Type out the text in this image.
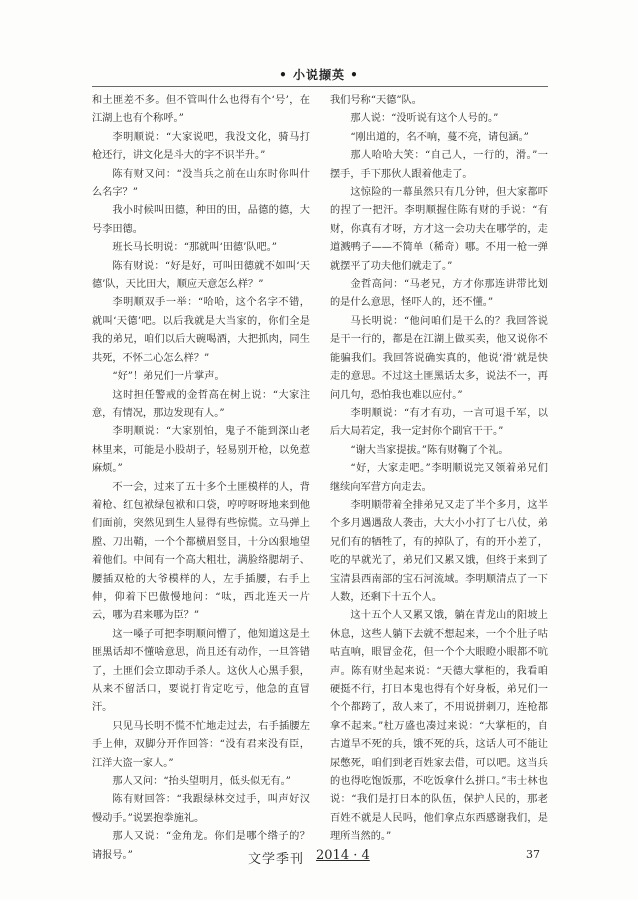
• 小说撷英 •

和土匪差不多。但不管叫什么也得有个‘号’，在江湖上也有个称呼。”

李明顺说：“大家说吧，我没文化，骑马打枪还行，讲文化是斗大的字不识半升。”

陈有财又问：“没当兵之前在山东时你叫什么名字？”

我小时候叫田德，种田的田，品德的德，大号李田德。

班长马长明说：“那就叫‘田德’队吧。”

陈有财说：“好是好，可叫田德就不如叫‘天德’队，天比田大，顺应天意怎么样？”

李明顺双手一举：“哈哈，这个名字不错，就叫‘天德’吧。以后我就是大当家的，你们全是我的弟兄，咱们以后大碗喝酒，大把抓肉，同生共死，不怀二心怎么样？”

“好”！弟兄们一片掌声。

这时担任警戒的金哲高在树上说：“大家注意，有情况，那边发现有人。”

李明顺说：“大家别怕，鬼子不能到深山老林里来，可能是小股胡子，轻易别开枪，以免惹麻烦。”

不一会，过来了五十多个土匪模样的人，背着枪、红包袱绿包袱和口袋，哼哼呀呀地来到他们面前，突然见到生人显得有些惊慌。立马弹上膛、刀出鞘，一个个都横眉竖目，十分凶狠地望着他们。中间有一个高大粗壮，满脸络腮胡子、腰插双枪的大爷模样的人，左手插腰，右手上伸，仰着下巴傲慢地问：“呔，西北连天一片云，哪为君来哪为臣？”

这一嗓子可把李明顺问懵了，他知道这是土匪黑话却不懂啥意思，尚且还有动作，一旦答错了，土匪们会立即动手杀人。这伙人心黑手狠，从来不留活口，要说打肯定吃亏，他急的直冒汗。

只见马长明不慌不忙地走过去，右手插腰左手上伸，双脚分开作回答：“没有君来没有臣，江洋大盗一家人。”

那人又问：“抬头望明月，低头似无有。”

陈有财回答：“我跟绿林交过手，叫声好汉慢动手。”说罢抱拳施礼。

那人又说：“金角龙。你们是哪个绺子的？请报号。”

我们号称“天德”队。

那人说：“没听说有这个人号的。”

“刚出道的，名不响，蔓不亮，请包涵。”

那人哈哈大笑：“自己人，一行的，滑。”一摆手，手下那伙人跟着他走了。

这惊险的一幕虽然只有几分钟，但大家都吓的捏了一把汗。李明顺握住陈有财的手说：“有财，你真有才呀，方才这一会功夫在哪学的，走道溅鸭子——不简单（稀奇）哪。不用一枪一弹就摆平了功夫他们就走了。”

金哲高问：“马老兄，方才你那连讲带比划的是什么意思，怪吓人的，还不懂。”

马长明说：“他问咱们是干么的？我回答说是干一行的，都是在江湖上做买卖，他又说你不能骗我们。我回答说确实真的，他说‘滑’就是快走的意思。不过这土匪黑话太多，说法不一，再问几句，恐怕我也难以应付。”

李明顺说：“有才有功，一言可退千军，以后大局若定，我一定封你个副官干干。”

“谢大当家提拔。”陈有财鞠了个礼。

“好，大家走吧。”李明顺说完又领着弟兄们继续向军营方向走去。

李明顺带着全排弟兄又走了半个多月，这半个多月遇遇敌人袭击，大大小小打了七八仗，弟兄们有的牺牲了，有的掉队了，有的开小差了，吃的早就光了，弟兄们又累又饿，但终于来到了宝清县西南部的宝石河流域。李明顺清点了一下人数，还剩下十五个人。

这十五个人又累又饿，躺在青龙山的阳坡上休息，这些人躺下去就不想起来，一个个肚子咕咕直响，眼冒金花，但一个个大眼瞪小眼都不吭声。陈有财坐起来说：“天德大掌柜的，我看咱硬挺不行，打日本鬼也得有个好身板，弟兄们一个个都跨了，敌人来了，不用说拼刺刀，连枪都拿不起来。”杜万盛也凑过来说：“大掌柜的，自古道旱不死的兵，饿不死的兵，这话人可不能让尿憋死，咱们到老百姓家去借，可以吧。这当兵的也得吃饱饭那，不吃饭拿什么拼口。”韦士林也说：“我们是打日本的队伍，保护人民的，那老百姓不就是人民吗，他们拿点东西感谢我们，是理所当然的。”

文学季刊 2014 · 4	37
